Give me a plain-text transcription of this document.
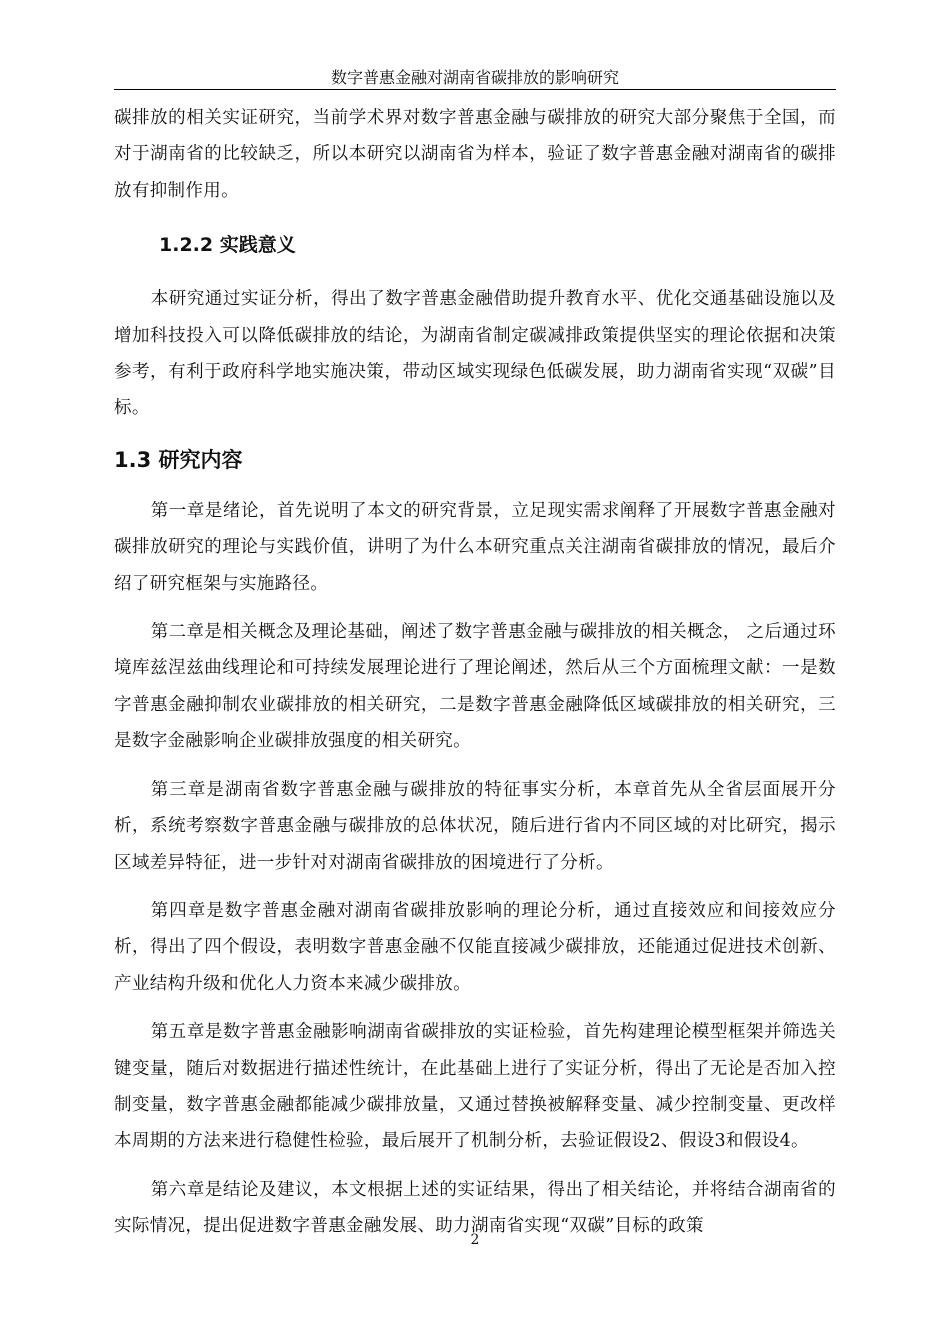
数字普惠金融对湖南省碳排放的影响研究

碳排放的相关实证研究，当前学术界对数字普惠金融与碳排放的研究大部分聚焦于全国，而对于湖南省的比较缺乏，所以本研究以湖南省为样本，验证了数字普惠金融对湖南省的碳排放有抑制作用。

1.2.2 实践意义

本研究通过实证分析，得出了数字普惠金融借助提升教育水平、优化交通基础设施以及增加科技投入可以降低碳排放的结论，为湖南省制定碳减排政策提供坚实的理论依据和决策参考，有利于政府科学地实施决策，带动区域实现绿色低碳发展，助力湖南省实现“双碳”目标。

1.3 研究内容

第一章是绪论，首先说明了本文的研究背景，立足现实需求阐释了开展数字普惠金融对碳排放研究的理论与实践价值，讲明了为什么本研究重点关注湖南省碳排放的情况，最后介绍了研究框架与实施路径。

第二章是相关概念及理论基础，阐述了数字普惠金融与碳排放的相关概念， 之后通过环境库兹涅兹曲线理论和可持续发展理论进行了理论阐述，然后从三个方面梳理文献：一是数字普惠金融抑制农业碳排放的相关研究，二是数字普惠金融降低区域碳排放的相关研究，三是数字金融影响企业碳排放强度的相关研究。

第三章是湖南省数字普惠金融与碳排放的特征事实分析，本章首先从全省层面展开分析，系统考察数字普惠金融与碳排放的总体状况，随后进行省内不同区域的对比研究，揭示区域差异特征，进一步针对对湖南省碳排放的困境进行了分析。

第四章是数字普惠金融对湖南省碳排放影响的理论分析，通过直接效应和间接效应分析，得出了四个假设，表明数字普惠金融不仅能直接减少碳排放，还能通过促进技术创新、产业结构升级和优化人力资本来减少碳排放。

第五章是数字普惠金融影响湖南省碳排放的实证检验，首先构建理论模型框架并筛选关键变量，随后对数据进行描述性统计，在此基础上进行了实证分析，得出了无论是否加入控制变量，数字普惠金融都能减少碳排放量，又通过替换被解释变量、减少控制变量、更改样本周期的方法来进行稳健性检验，最后展开了机制分析，去验证假设2、假设3和假设4。

第六章是结论及建议，本文根据上述的实证结果，得出了相关结论，并将结合湖南省的实际情况，提出促进数字普惠金融发展、助力湖南省实现“双碳”目标的政策

2
